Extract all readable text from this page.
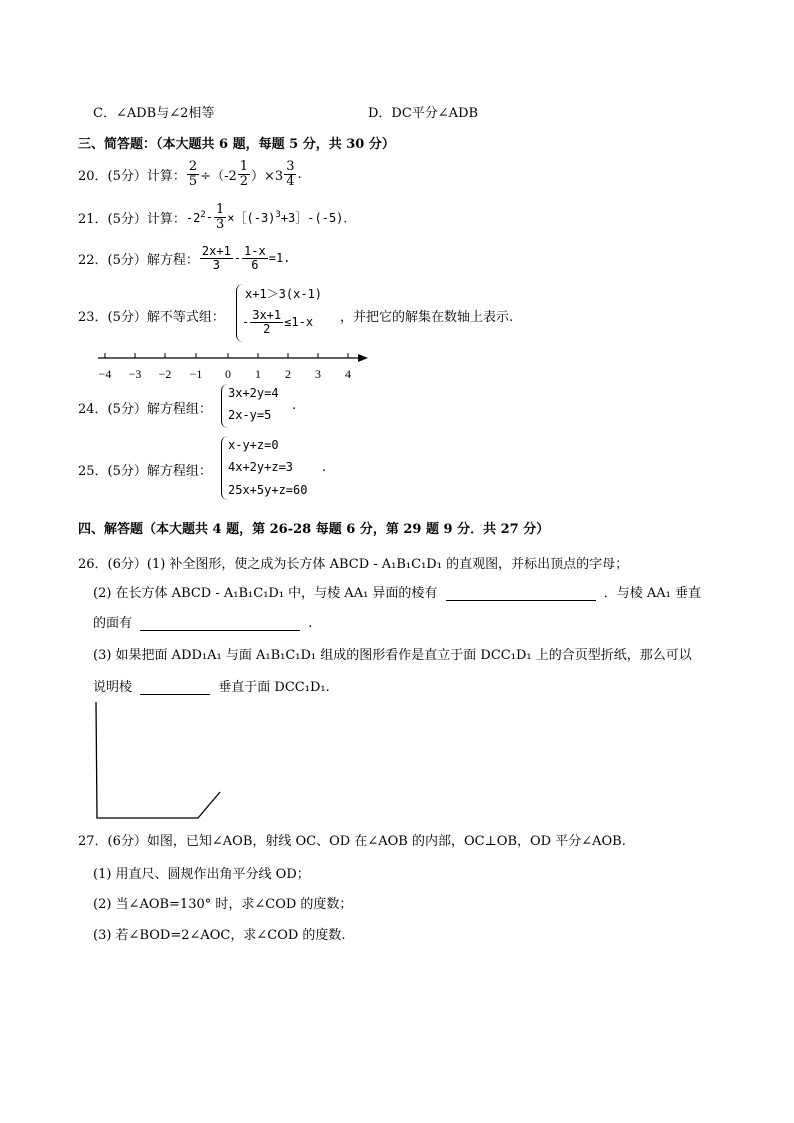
C．∠ADB与∠2相等	D．DC平分∠ADB
三、简答题：（本大题共 6 题，每题 5 分，共 30 分）
20．(5分）计算： $\frac{2}{5} \div(-2 \frac{1}{2} )\times 3 \frac{3}{4}$ .
21．(5分）计算： $-2^2 - \frac{1}{3}$ $\times[(-3)^3$ +3］-(-5)．
22．(5分）解方程： $\frac{2x+1}{3} - \frac{1-x}{6} =1$.
23．(5分）解不等式组：
x+1＞3(x-1)
- $\frac{3x+1}{2} \le 1-x$ ，并把它的解集在数轴上表示.
−4 −3 −2 −1 0 1 2 3 4
24．(5分）解方程组：
3x+2y=4
2x-y=5
.
25．(5分）解方程组：
x-y+z=0
4x+2y+z=3
25x+5y+z=60
.
四、解答题（本大题共 4 题，第 26-28 每题 6 分，第 29 题 9 分．共 27 分）
26．(6分）(1) 补全图形，使之成为长方体 ABCD - A₁B₁C₁D₁ 的直观图，并标出顶点的字母；
(2) 在长方体 ABCD - A₁B₁C₁D₁ 中，与棱 AA₁ 异面的棱有	．与棱 AA₁ 垂直
的面有	.
(3) 如果把面 ADD₁A₁ 与面 A₁B₁C₁D₁ 组成的图形看作是直立于面 DCC₁D₁ 上的合页型折纸，那么可以
说明棱	垂直于面 DCC₁D₁.
27．(6分）如图，已知∠AOB，射线 OC、OD 在∠AOB 的内部，OC⊥OB，OD 平分∠AOB.
(1) 用直尺、圆规作出角平分线 OD；
(2) 当∠AOB=130° 时，求∠COD 的度数；
(3) 若∠BOD=2∠AOC，求∠COD 的度数.
